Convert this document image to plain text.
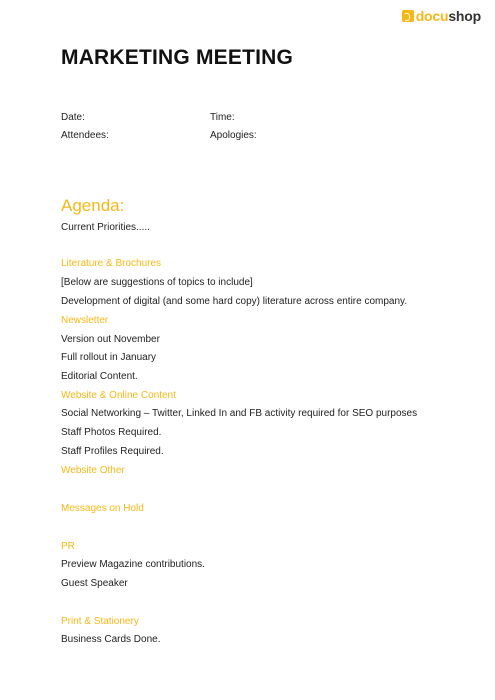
docushop
MARKETING MEETING
Date:	Time:
Attendees:	Apologies:
Agenda:
Current Priorities.....
Literature & Brochures
[Below are suggestions of topics to include]
Development of digital (and some hard copy) literature across entire company.
Newsletter
Version out November
Full rollout in January
Editorial Content.
Website & Online Content
Social Networking – Twitter, Linked In and FB activity required for SEO purposes
Staff Photos Required.
Staff Profiles Required.
Website Other
Messages on Hold
PR
Preview Magazine contributions.
Guest Speaker
Print & Stationery
Business Cards Done.
